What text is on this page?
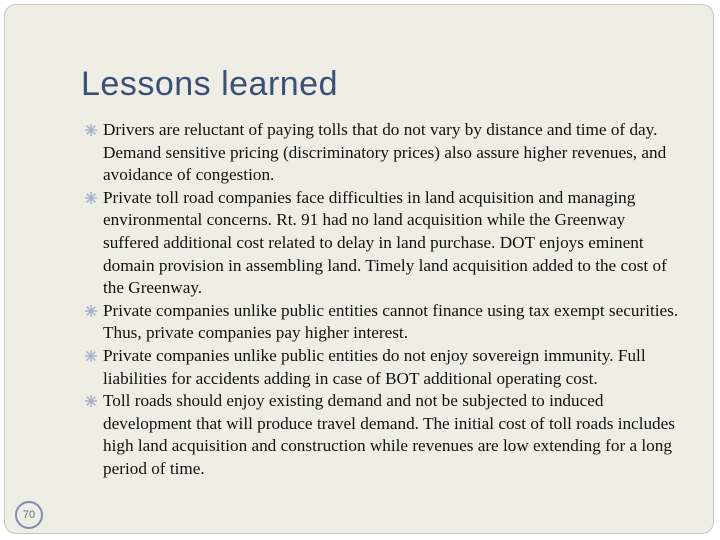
Lessons learned
Drivers are reluctant of paying tolls that do not vary by distance and time of day. Demand sensitive pricing (discriminatory prices) also assure higher revenues, and avoidance of congestion.
Private toll road companies face difficulties in land acquisition and managing environmental concerns. Rt. 91 had no land acquisition while the Greenway suffered additional cost related to delay in land purchase. DOT enjoys eminent domain provision in assembling land. Timely land acquisition added to the cost of the Greenway.
Private companies unlike public entities cannot finance using tax exempt securities. Thus, private companies pay higher interest.
Private companies unlike public entities do not enjoy sovereign immunity. Full liabilities for accidents adding in case of BOT additional operating cost.
Toll roads should enjoy existing demand and not be subjected to induced development that will produce travel demand. The initial cost of toll roads includes high land acquisition and construction while revenues are low extending for a long period of time.
70
